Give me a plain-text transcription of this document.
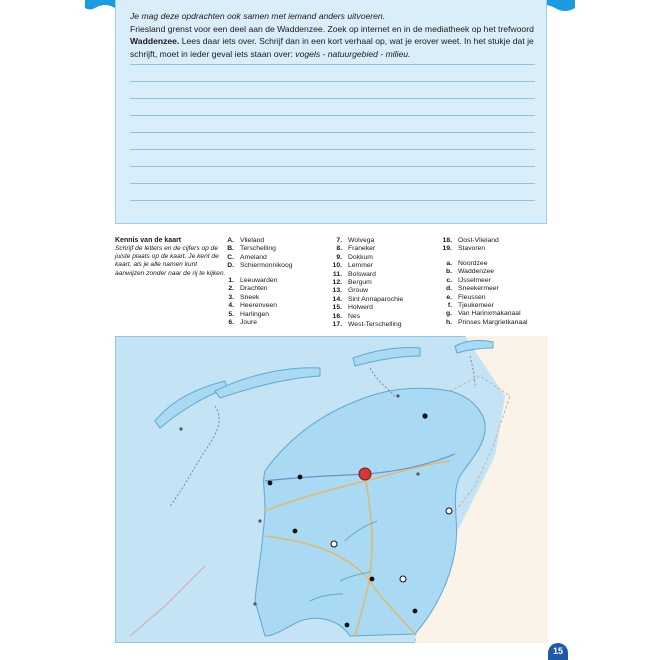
Je mag deze opdrachten ook samen met iemand anders uitvoeren.
Friesland grenst voor een deel aan de Waddenzee. Zoek op internet en in de mediatheek op het trefwoord Waddenzee. Lees daar iets over. Schrijf dan in een kort verhaal op, wat je erover weet. In het stukje dat je schrijft, moet in ieder geval iets staan over: vogels - natuurgebied - milieu.
Kennis van de kaart
Schrijf de letters en de cijfers op de juiste plaats op de kaart. Je kent de kaart, als je alle namen kunt aanwijzen zonder naar de rij te kijken.
A. Vlieland
B. Terschelling
C. Ameland
D. Schiermonnikoog
1. Leeuwarden
2. Drachten
3. Sneek
4. Heerenveen
5. Harlingen
6. Joure
7. Wolvega
8. Franeker
9. Dokkum
10. Lemmer
11. Bolsward
12. Bergum
13. Grouw
14. Sint Annaparochie
15. Holwerd
16. Nes
17. West-Terschelling
18. Oost-Vlieland
19. Stavoren
a. Noordzee
b. Waddenzee
c. IJsselmeer
d. Sneekermeer
e. Fleussen
f. Tjeukemeer
g. Van Harinxmakanaal
h. Prinses Margrietkanaal
15
